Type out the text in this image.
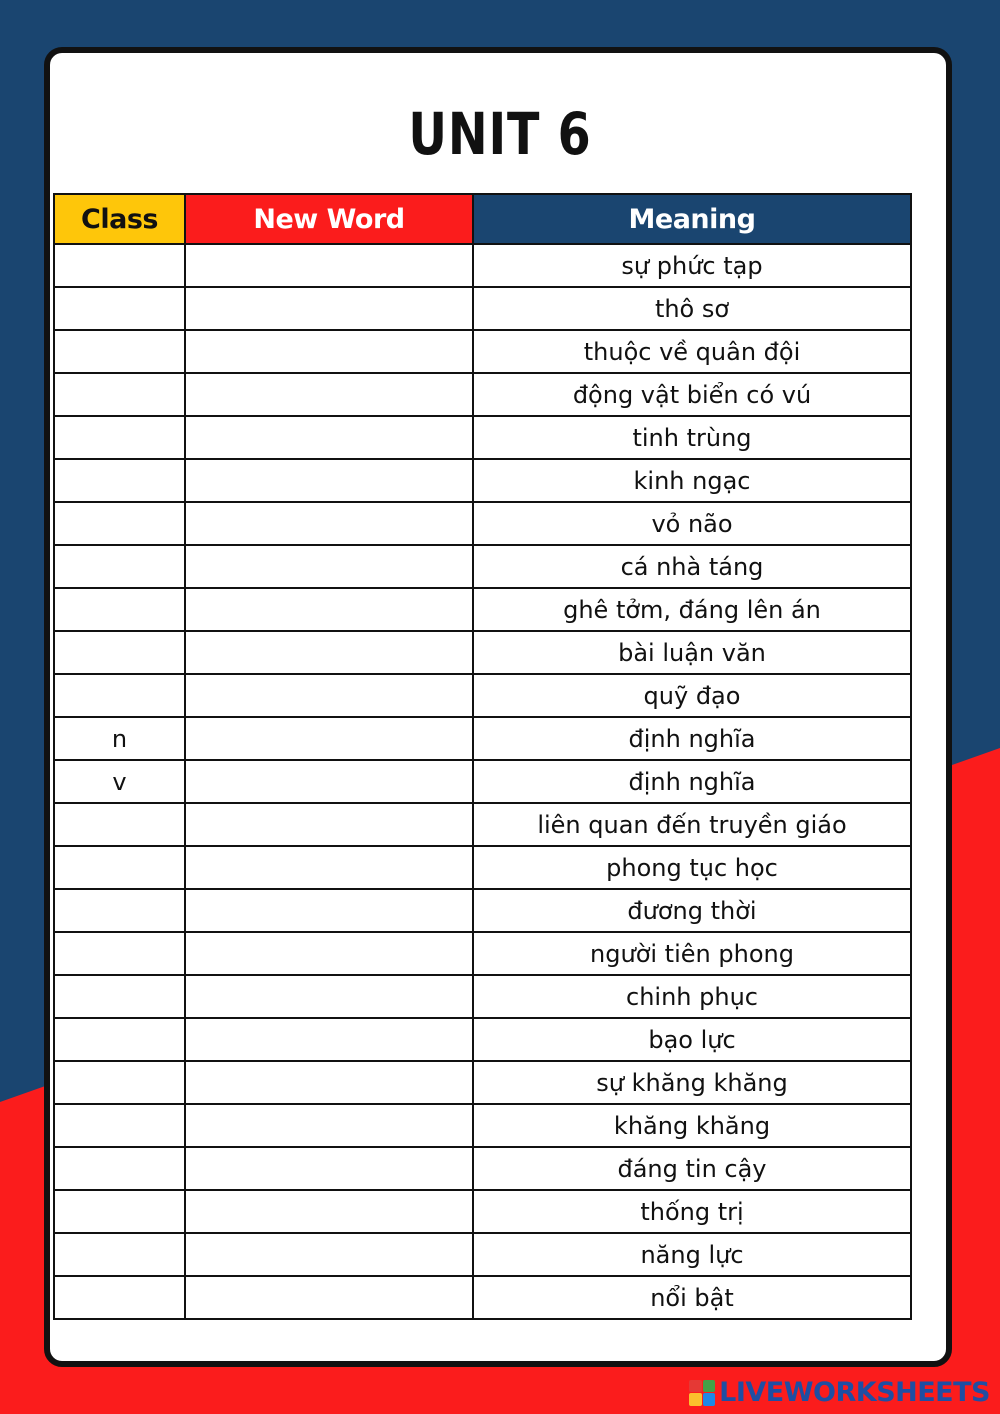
UNIT 6
Class	New Word	Meaning
		sự phức tạp
		thô sơ
		thuộc về quân đội
		động vật biển có vú
		tinh trùng
		kinh ngạc
		vỏ não
		cá nhà táng
		ghê tởm, đáng lên án
		bài luận văn
		quỹ đạo
n		định nghĩa
v		định nghĩa
		liên quan đến truyền giáo
		phong tục học
		đương thời
		người tiên phong
		chinh phục
		bạo lực
		sự khăng khăng
		khăng khăng
		đáng tin cậy
		thống trị
		năng lực
		nổi bật
LIVEWORKSHEETS
